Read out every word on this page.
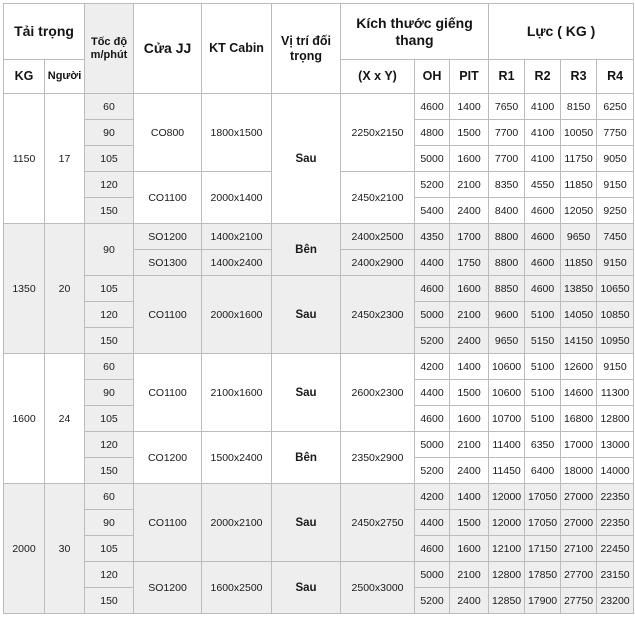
Tải trọng		Tốc độ m/phút	Cửa JJ	KT Cabin	Vị trí đối trọng	Kích thước giếng thang			Lực ( KG )			
KG	Người					(X x Y)	OH	PIT	R1	R2	R3	R4
1150	17	60	CO800	1800x1500	Sau	2250x2150	4600	1400	7650	4100	8150	6250
		90					4800	1500	7700	4100	10050	7750
		105					5000	1600	7700	4100	11750	9050
		120	CO1100	2000x1400		2450x2100	5200	2100	8350	4550	11850	9150
		150					5400	2400	8400	4600	12050	9250
1350	20	90	SO1200	1400x2100	Bên	2400x2500	4350	1700	8800	4600	9650	7450
			SO1300	1400x2400		2400x2900	4400	1750	8800	4600	11850	9150
		105	CO1100	2000x1600	Sau	2450x2300	4600	1600	8850	4600	13850	10650
		120					5000	2100	9600	5100	14050	10850
		150					5200	2400	9650	5150	14150	10950
1600	24	60	CO1100	2100x1600	Sau	2600x2300	4200	1400	10600	5100	12600	9150
		90					4400	1500	10600	5100	14600	11300
		105					4600	1600	10700	5100	16800	12800
		120	CO1200	1500x2400	Bên	2350x2900	5000	2100	11400	6350	17000	13000
		150					5200	2400	11450	6400	18000	14000
2000	30	60	CO1100	2000x2100	Sau	2450x2750	4200	1400	12000	17050	27000	22350
		90					4400	1500	12000	17050	27000	22350
		105					4600	1600	12100	17150	27100	22450
		120	SO1200	1600x2500	Sau	2500x3000	5000	2100	12800	17850	27700	23150
		150					5200	2400	12850	17900	27750	23200
